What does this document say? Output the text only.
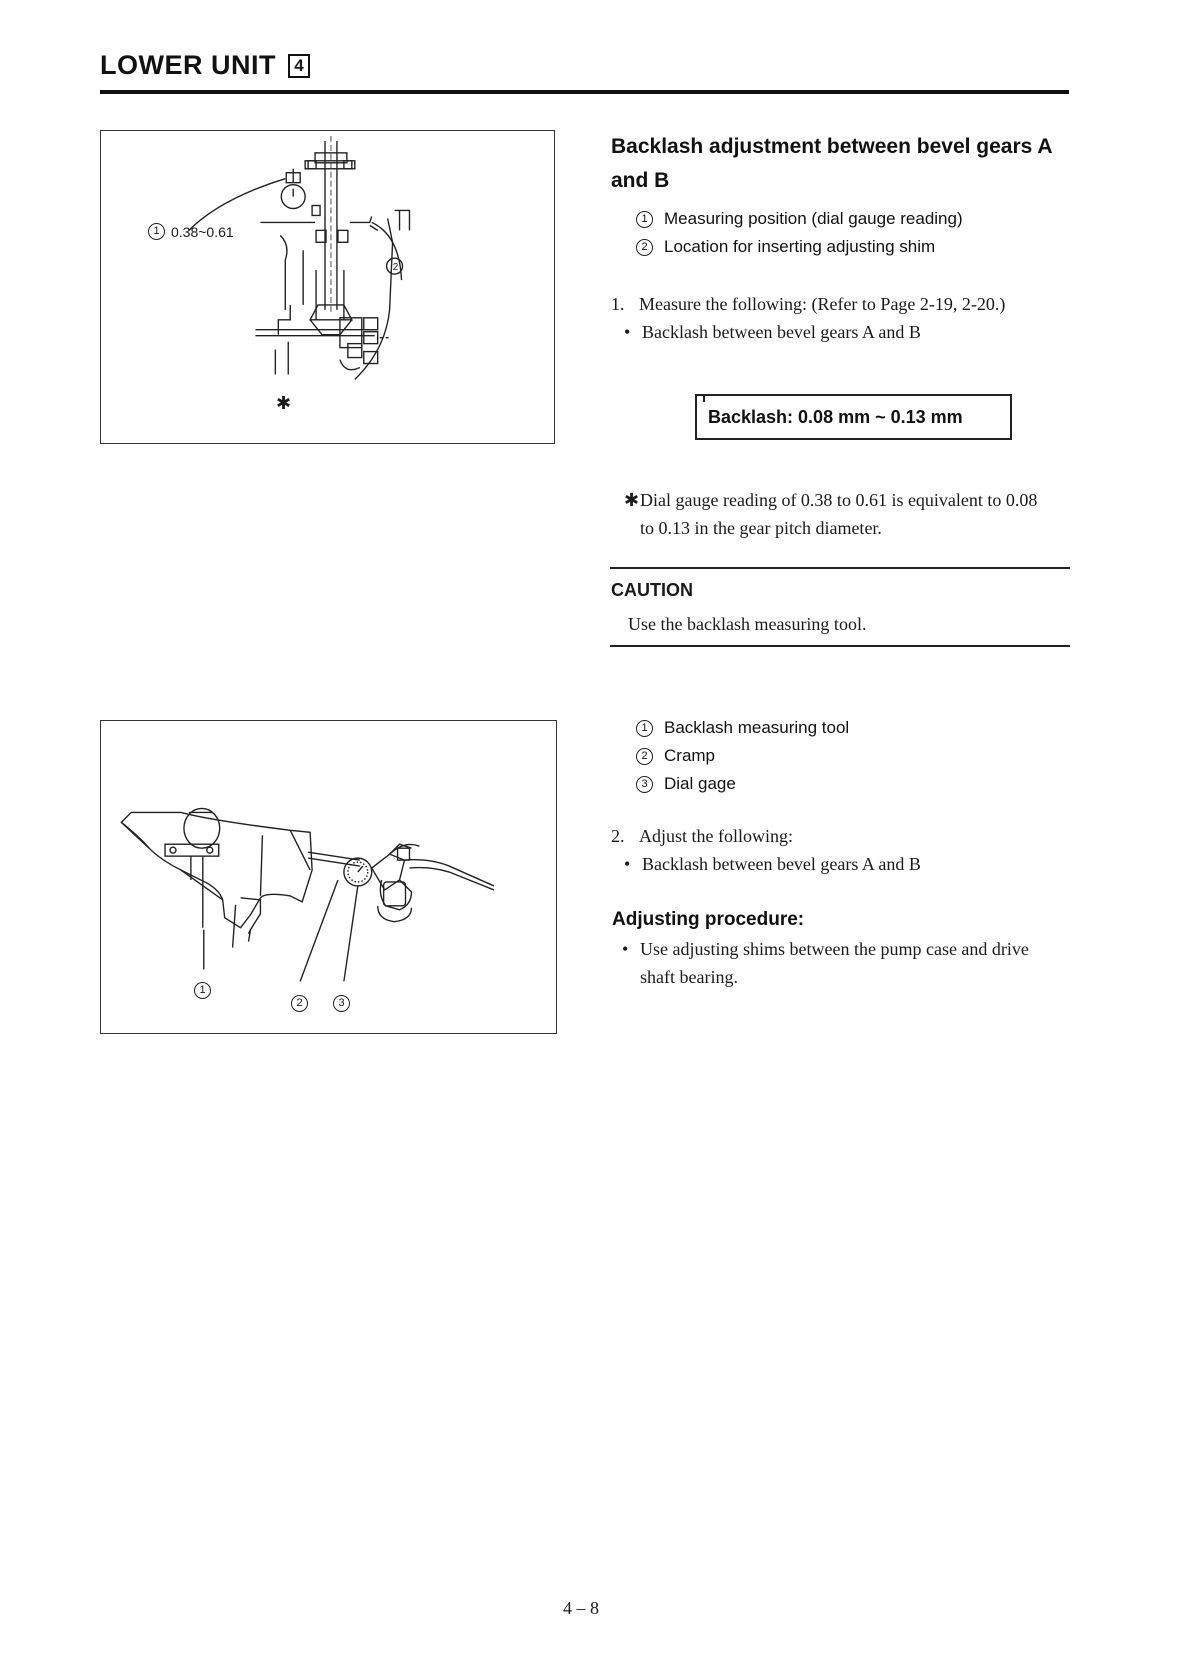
LOWER UNIT	4
2
1 0.38~0.61
✱
Backlash adjustment between bevel gears A and B
1 Measuring position (dial gauge reading)
2 Location for inserting adjusting shim
1. Measure the following: (Refer to Page 2-19, 2-20.)
• Backlash between bevel gears A and B
Backlash: 0.08 mm ~ 0.13 mm
✱Dial gauge reading of 0.38 to 0.61 is equivalent to 0.08
to 0.13 in the gear pitch diameter.
CAUTION
Use the backlash measuring tool.
1
2	3
1 Backlash measuring tool
2 Cramp
3 Dial gage
2. Adjust the following:
• Backlash between bevel gears A and B
Adjusting procedure:
• Use adjusting shims between the pump case and drive
shaft bearing.
4 – 8
